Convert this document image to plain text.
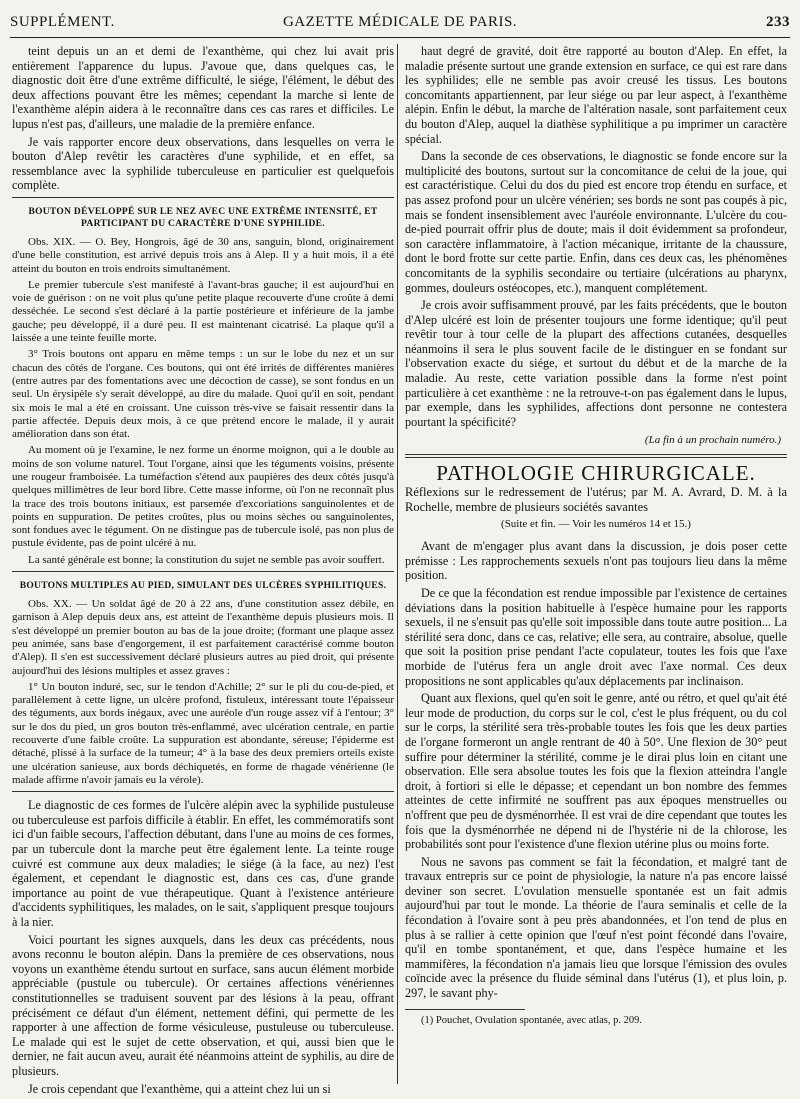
SUPPLÉMENT.	GAZETTE MÉDICALE DE PARIS.	233

teint depuis un an et demi de l'exanthème, qui chez lui avait pris entièrement l'apparence du lupus. J'avoue que, dans quelques cas, le diagnostic doit être d'une extrême difficulté, le siége, l'élément, le début des deux affections pouvant être les mêmes; cependant la marche si lente de l'exanthème alépin aidera à le reconnaître dans ces cas rares et difficiles. Le lupus n'est pas, d'ailleurs, une maladie de la première enfance.

Je vais rapporter encore deux observations, dans lesquelles on verra le bouton d'Alep revêtir les caractères d'une syphilide, et en effet, sa ressemblance avec la syphilide tuberculeuse en particulier est quelquefois complète.

BOUTON DÉVELOPPÉ SUR LE NEZ AVEC UNE EXTRÊME INTENSITÉ, ET PARTICIPANT DU CARACTÈRE D'UNE SYPHILIDE.

Obs. XIX. — O. Bey, Hongrois, âgé de 30 ans, sanguin, blond, originairement d'une belle constitution, est arrivé depuis trois ans à Alep. Il y a huit mois, il a été atteint du bouton en trois endroits simultanément.

Le premier tubercule s'est manifesté à l'avant-bras gauche; il est aujourd'hui en voie de guérison : on ne voit plus qu'une petite plaque recouverte d'une croûte à demi desséchée. Le second s'est déclaré à la partie postérieure et inférieure de la jambe gauche; peu développé, il a duré peu. Il est maintenant cicatrisé. La plaque qu'il a laissée a une teinte feuille morte.

3° Trois boutons ont apparu en même temps : un sur le lobe du nez et un sur chacun des côtés de l'organe. Ces boutons, qui ont été irrités de différentes manières (entre autres par des fomentations avec une décoction de casse), se sont fondus en un seul. Un érysipèle s'y serait développé, au dire du malade. Quoi qu'il en soit, pendant six mois le mal a été en croissant. Une cuisson très-vive se faisait ressentir dans la partie affectée. Depuis deux mois, à ce que prétend encore le malade, il y aurait amélioration dans son état.

Au moment où je l'examine, le nez forme un énorme moignon, qui a le double au moins de son volume naturel. Tout l'organe, ainsi que les téguments voisins, présente une rougeur framboisée. La tuméfaction s'étend aux paupières des deux côtés jusqu'à quelques millimètres de leur bord libre. Cette masse informe, où l'on ne reconnaît plus la trace des trois boutons initiaux, est parsemée d'excoriations sanguinolentes et de points en suppuration. De petites croûtes, plus ou moins sèches ou sanguinolentes, sont fondues avec le tégument. On ne distingue pas de tubercule isolé, pas non plus de pustule évidente, pas de point ulcéré à nu.

La santé générale est bonne; la constitution du sujet ne semble pas avoir souffert.

BOUTONS MULTIPLES AU PIED, SIMULANT DES ULCÈRES SYPHILITIQUES.

Obs. XX. — Un soldat âgé de 20 à 22 ans, d'une constitution assez débile, en garnison à Alep depuis deux ans, est atteint de l'exanthème depuis plusieurs mois. Il s'est développé un premier bouton au bas de la joue droite; (formant une plaque assez peu animée, sans base d'engorgement, il est parfaitement caractérisé comme bouton d'Alep). Il s'en est successivement déclaré plusieurs autres au pied droit, qui présente aujourd'hui des lésions multiples et assez graves :

1° Un bouton induré, sec, sur le tendon d'Achille; 2° sur le pli du cou-de-pied, et parallèlement à cette ligne, un ulcère profond, fistuleux, intéressant toute l'épaisseur des téguments, aux bords inégaux, avec une auréole d'un rouge assez vif à l'entour; 3° sur le dos du pied, un gros bouton très-enflammé, avec ulcération centrale, en partie recouverte d'une faible croûte. La suppuration est abondante, séreuse; l'épiderme est détaché, plissé à la surface de la tumeur; 4° à la base des deux premiers orteils existe une ulcération sanieuse, aux bords déchiquetés, en forme de rhagade vénérienne (le malade affirme n'avoir jamais eu la vérole).

Le diagnostic de ces formes de l'ulcère alépin avec la syphilide pustuleuse ou tuberculeuse est parfois difficile à établir. En effet, les commémoratifs sont ici d'un faible secours, l'affection débutant, dans l'une au moins de ces formes, par un tubercule dont la marche peut être également lente. La teinte rouge cuivré est commune aux deux maladies; le siége (à la face, au nez) l'est également, et cependant le diagnostic est, dans ces cas, d'une grande importance au point de vue thérapeutique. Quant à l'existence antérieure d'accidents syphilitiques, les malades, on le sait, s'appliquent presque toujours à la nier.

Voici pourtant les signes auxquels, dans les deux cas précédents, nous avons reconnu le bouton alépin. Dans la première de ces observations, nous voyons un exanthème étendu surtout en surface, sans aucun élément morbide appréciable (pustule ou tubercule). Or certaines affections vénériennes constitutionnelles se traduisent souvent par des lésions à la peau, offrant précisément ce défaut d'un élément, nettement défini, qui permette de les rapporter à une affection de forme vésiculeuse, pustuleuse ou tuberculeuse. Le malade qui est le sujet de cette observation, et qui, aussi bien que le dernier, ne fait aucun aveu, aurait été néanmoins atteint de syphilis, au dire de plusieurs.

Je crois cependant que l'exanthème, qui a atteint chez lui un si

haut degré de gravité, doit être rapporté au bouton d'Alep. En effet, la maladie présente surtout une grande extension en surface, ce qui est rare dans les syphilides; elle ne semble pas avoir creusé les tissus. Les boutons concomitants appartiennent, par leur siége ou par leur aspect, à l'exanthème alépin. Enfin le début, la marche de l'altération nasale, sont parfaitement ceux du bouton d'Alep, auquel la diathèse syphilitique a pu imprimer un caractère spécial.

Dans la seconde de ces observations, le diagnostic se fonde encore sur la multiplicité des boutons, surtout sur la concomitance de celui de la joue, qui est caractéristique. Celui du dos du pied est encore trop étendu en surface, et pas assez profond pour un ulcère vénérien; ses bords ne sont pas coupés à pic, mais se fondent insensiblement avec l'auréole environnante. L'ulcère du cou-de-pied pourrait offrir plus de doute; mais il doit évidemment sa profondeur, son caractère inflammatoire, à l'action mécanique, irritante de la chaussure, dont le bord frotte sur cette partie. Enfin, dans ces deux cas, les phénomènes concomitants de la syphilis secondaire ou tertiaire (ulcérations au pharynx, gommes, douleurs ostéocopes, etc.), manquent complétement.

Je crois avoir suffisamment prouvé, par les faits précédents, que le bouton d'Alep ulcéré est loin de présenter toujours une forme identique; qu'il peut revêtir tour à tour celle de la plupart des affections cutanées, desquelles néanmoins il sera le plus souvent facile de le distinguer en se fondant sur l'observation exacte du siége, et surtout du début et de la marche de la maladie. Au reste, cette variation possible dans la forme n'est point particulière à cet exanthème : ne la retrouve-t-on pas également dans le lupus, par exemple, dans les syphilides, affections dont personne ne contestera pourtant la spécificité?

(La fin à un prochain numéro.)

PATHOLOGIE CHIRURGICALE.

Réflexions sur le redressement de l'utérus; par M. A. Avrard, D. M. à la Rochelle, membre de plusieurs sociétés savantes

(Suite et fin. — Voir les numéros 14 et 15.)

Avant de m'engager plus avant dans la discussion, je dois poser cette prémisse : Les rapprochements sexuels n'ont pas toujours lieu dans la même position.

De ce que la fécondation est rendue impossible par l'existence de certaines déviations dans la position habituelle à l'espèce humaine pour les rapports sexuels, il ne s'ensuit pas qu'elle soit impossible dans toute autre position... La stérilité sera donc, dans ce cas, relative; elle sera, au contraire, absolue, quelle que soit la position prise pendant l'acte copulateur, toutes les fois que l'axe morbide de l'utérus fera un angle droit avec l'axe normal. Ces deux propositions ne sont applicables qu'aux déplacements par inclinaison.

Quant aux flexions, quel qu'en soit le genre, anté ou rétro, et quel qu'ait été leur mode de production, du corps sur le col, c'est le plus fréquent, ou du col sur le corps, la stérilité sera très-probable toutes les fois que les deux parties de l'organe formeront un angle rentrant de 40 à 50°. Une flexion de 30° peut suffire pour déterminer la stérilité, comme je le dirai plus loin en citant une observation. Elle sera absolue toutes les fois que la flexion atteindra l'angle droit, à fortiori si elle le dépasse; et cependant un bon nombre des femmes atteintes de cette infirmité ne souffrent pas aux époques menstruelles ou n'offrent que peu de dysménorrhée. Il est vrai de dire cependant que toutes les fois que la dysménorrhée ne dépend ni de l'hystérie ni de la chlorose, les probabilités sont pour l'existence d'une flexion utérine plus ou moins forte.

Nous ne savons pas comment se fait la fécondation, et malgré tant de travaux entrepris sur ce point de physiologie, la nature n'a pas encore laissé deviner son secret. L'ovulation mensuelle spontanée est un fait admis aujourd'hui par tout le monde. La théorie de l'aura seminalis et celle de la fécondation à l'ovaire sont à peu près abandonnées, et l'on tend de plus en plus à se rallier à cette opinion que l'œuf n'est point fécondé dans l'ovaire, qu'il en tombe spontanément, et que, dans l'espèce humaine et les mammifères, la fécondation n'a jamais lieu que lorsque l'émission des ovules coïncide avec la présence du fluide séminal dans l'utérus (1), et plus loin, p. 297, le savant phy-

(1) Pouchet, Ovulation spontanée, avec atlas, p. 209.
